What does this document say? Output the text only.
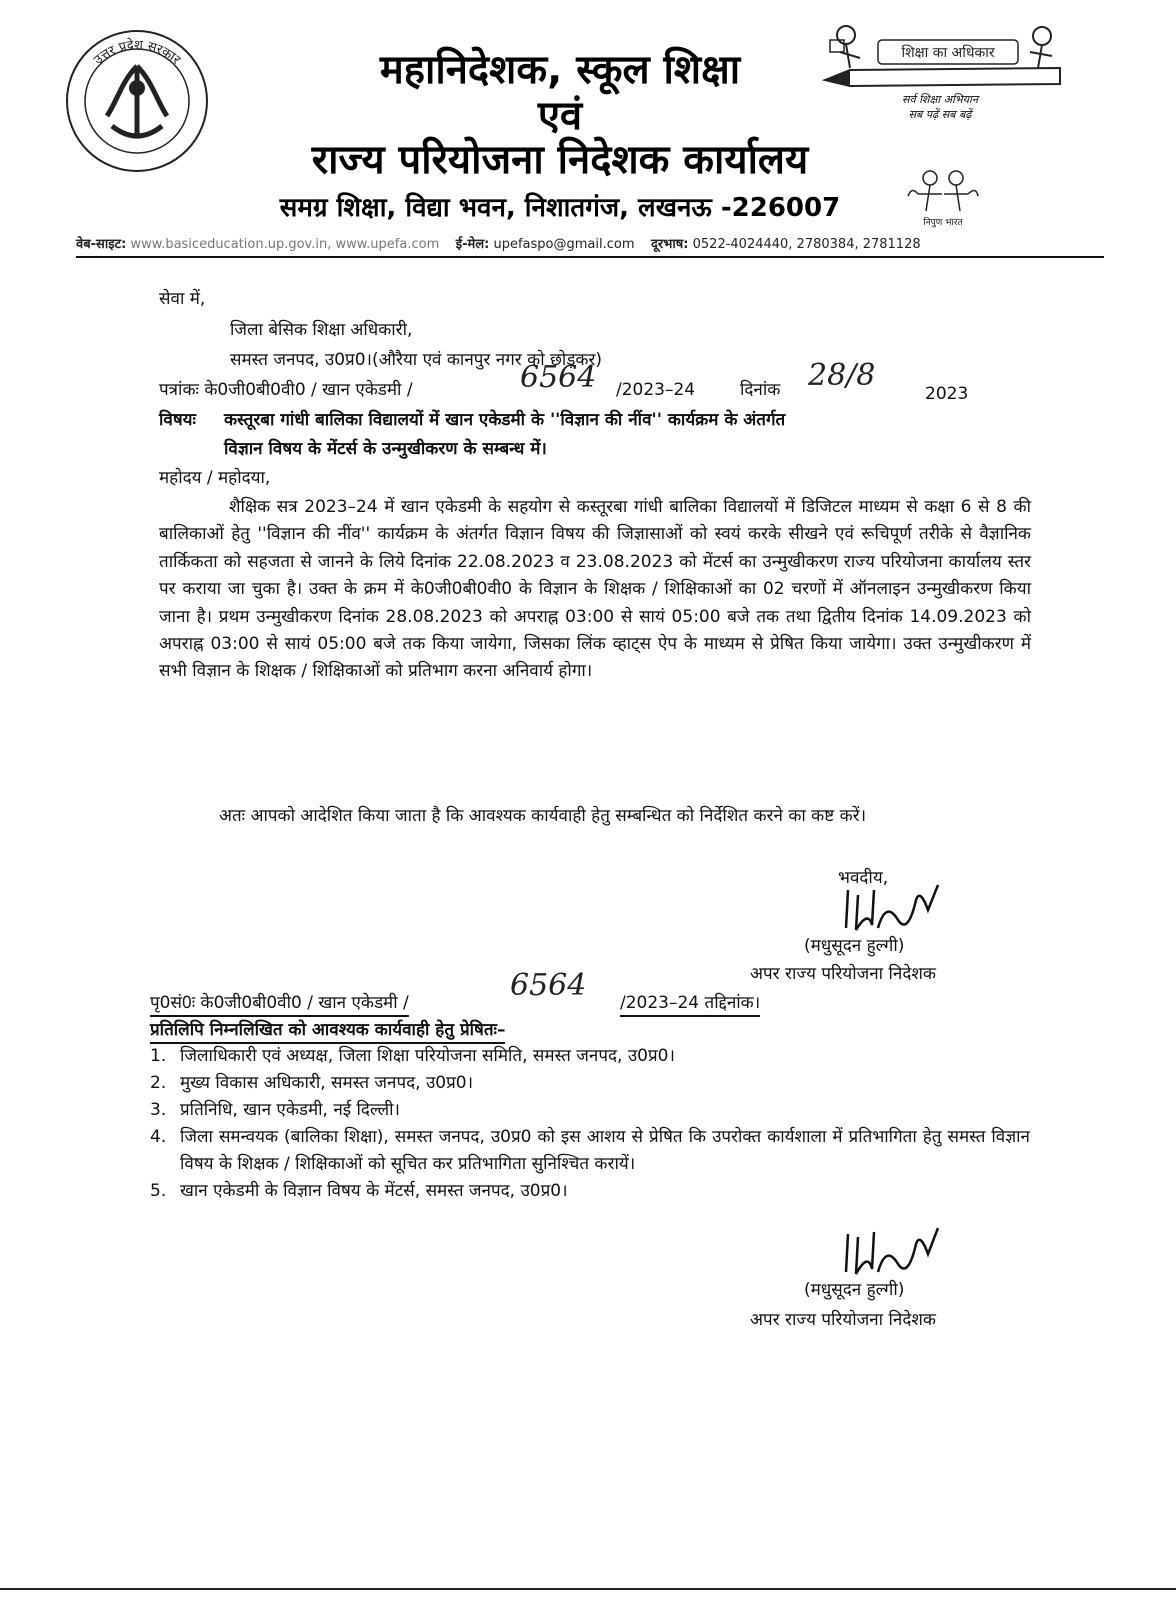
उत्तर प्रदेश सरकार	महानिदेशक, स्कूल शिक्षा
एवं
राज्य परियोजना निदेशक कार्यालय
समग्र शिक्षा, विद्या भवन, निशातगंज, लखनऊ -226007
शिक्षा का अधिकार
सर्व शिक्षा अभियान
सब पढ़ें सब बढ़ें
निपुण भारत
वेब-साइट: www.basiceducation.up.gov.in, www.upefa.com ई-मेल: upefaspo@gmail.com दूरभाष: 0522-4024440, 2780384, 2781128
सेवा में,
जिला बेसिक शिक्षा अधिकारी,
समस्त जनपद, उ0प्र0।(औरैया एवं कानपुर नगर को छोड़कर)
पत्रांकः के0जी0बी0वी0 / खान एकेडमी /	6564 /2023–24	दिनांक 28/8
2023
विषयः कस्तूरबा गांधी बालिका विद्यालयों में खान एकेडमी के ''विज्ञान की नींव'' कार्यक्रम के अंतर्गत
विज्ञान विषय के मेंटर्स के उन्मुखीकरण के सम्बन्ध में।
महोदय / महोदया,

शैक्षिक सत्र 2023–24 में खान एकेडमी के सहयोग से कस्तूरबा गांधी बालिका विद्यालयों में डिजिटल माध्यम से कक्षा 6 से 8 की बालिकाओं हेतु ''विज्ञान की नींव'' कार्यक्रम के अंतर्गत विज्ञान विषय की जिज्ञासाओं को स्वयं करके सीखने एवं रूचिपूर्ण तरीके से वैज्ञानिक तार्किकता को सहजता से जानने के लिये दिनांक 22.08.2023 व 23.08.2023 को मेंटर्स का उन्मुखीकरण राज्य परियोजना कार्यालय स्तर पर कराया जा चुका है। उक्त के क्रम में के0जी0बी0वी0 के विज्ञान के शिक्षक / शिक्षिकाओं का 02 चरणों में ऑनलाइन उन्मुखीकरण किया जाना है। प्रथम उन्मुखीकरण दिनांक 28.08.2023 को अपराह्न 03:00 से सायं 05:00 बजे तक तथा द्वितीय दिनांक 14.09.2023 को अपराह्न 03:00 से सायं 05:00 बजे तक किया जायेगा, जिसका लिंक व्हाट्स ऐप के माध्यम से प्रेषित किया जायेगा। उक्त उन्मुखीकरण में सभी विज्ञान के शिक्षक / शिक्षिकाओं को प्रतिभाग करना अनिवार्य होगा।

अतः आपको आदेशित किया जाता है कि आवश्यक कार्यवाही हेतु सम्बन्धित को निर्देशित करने का कष्ट करें।

भवदीय,
(मधुसूदन हुल्गी)
अपर राज्य परियोजना निदेशक
पृ0सं0ः के0जी0बी0वी0 / खान एकेडमी /	6564 /2023–24 तद्दिनांक।
प्रतिलिपि निम्नलिखित को आवश्यक कार्यवाही हेतु प्रेषितः–
1. जिलाधिकारी एवं अध्यक्ष, जिला शिक्षा परियोजना समिति, समस्त जनपद, उ0प्र0।
2. मुख्य विकास अधिकारी, समस्त जनपद, उ0प्र0।
3. प्रतिनिधि, खान एकेडमी, नई दिल्ली।
4. जिला समन्वयक (बालिका शिक्षा), समस्त जनपद, उ0प्र0 को इस आशय से प्रेषित कि उपरोक्त कार्यशाला में प्रतिभागिता हेतु समस्त विज्ञान विषय के शिक्षक / शिक्षिकाओं को सूचित कर प्रतिभागिता सुनिश्चित करायें।
5. खान एकेडमी के विज्ञान विषय के मेंटर्स, समस्त जनपद, उ0प्र0।
(मधुसूदन हुल्गी)
अपर राज्य परियोजना निदेशक
